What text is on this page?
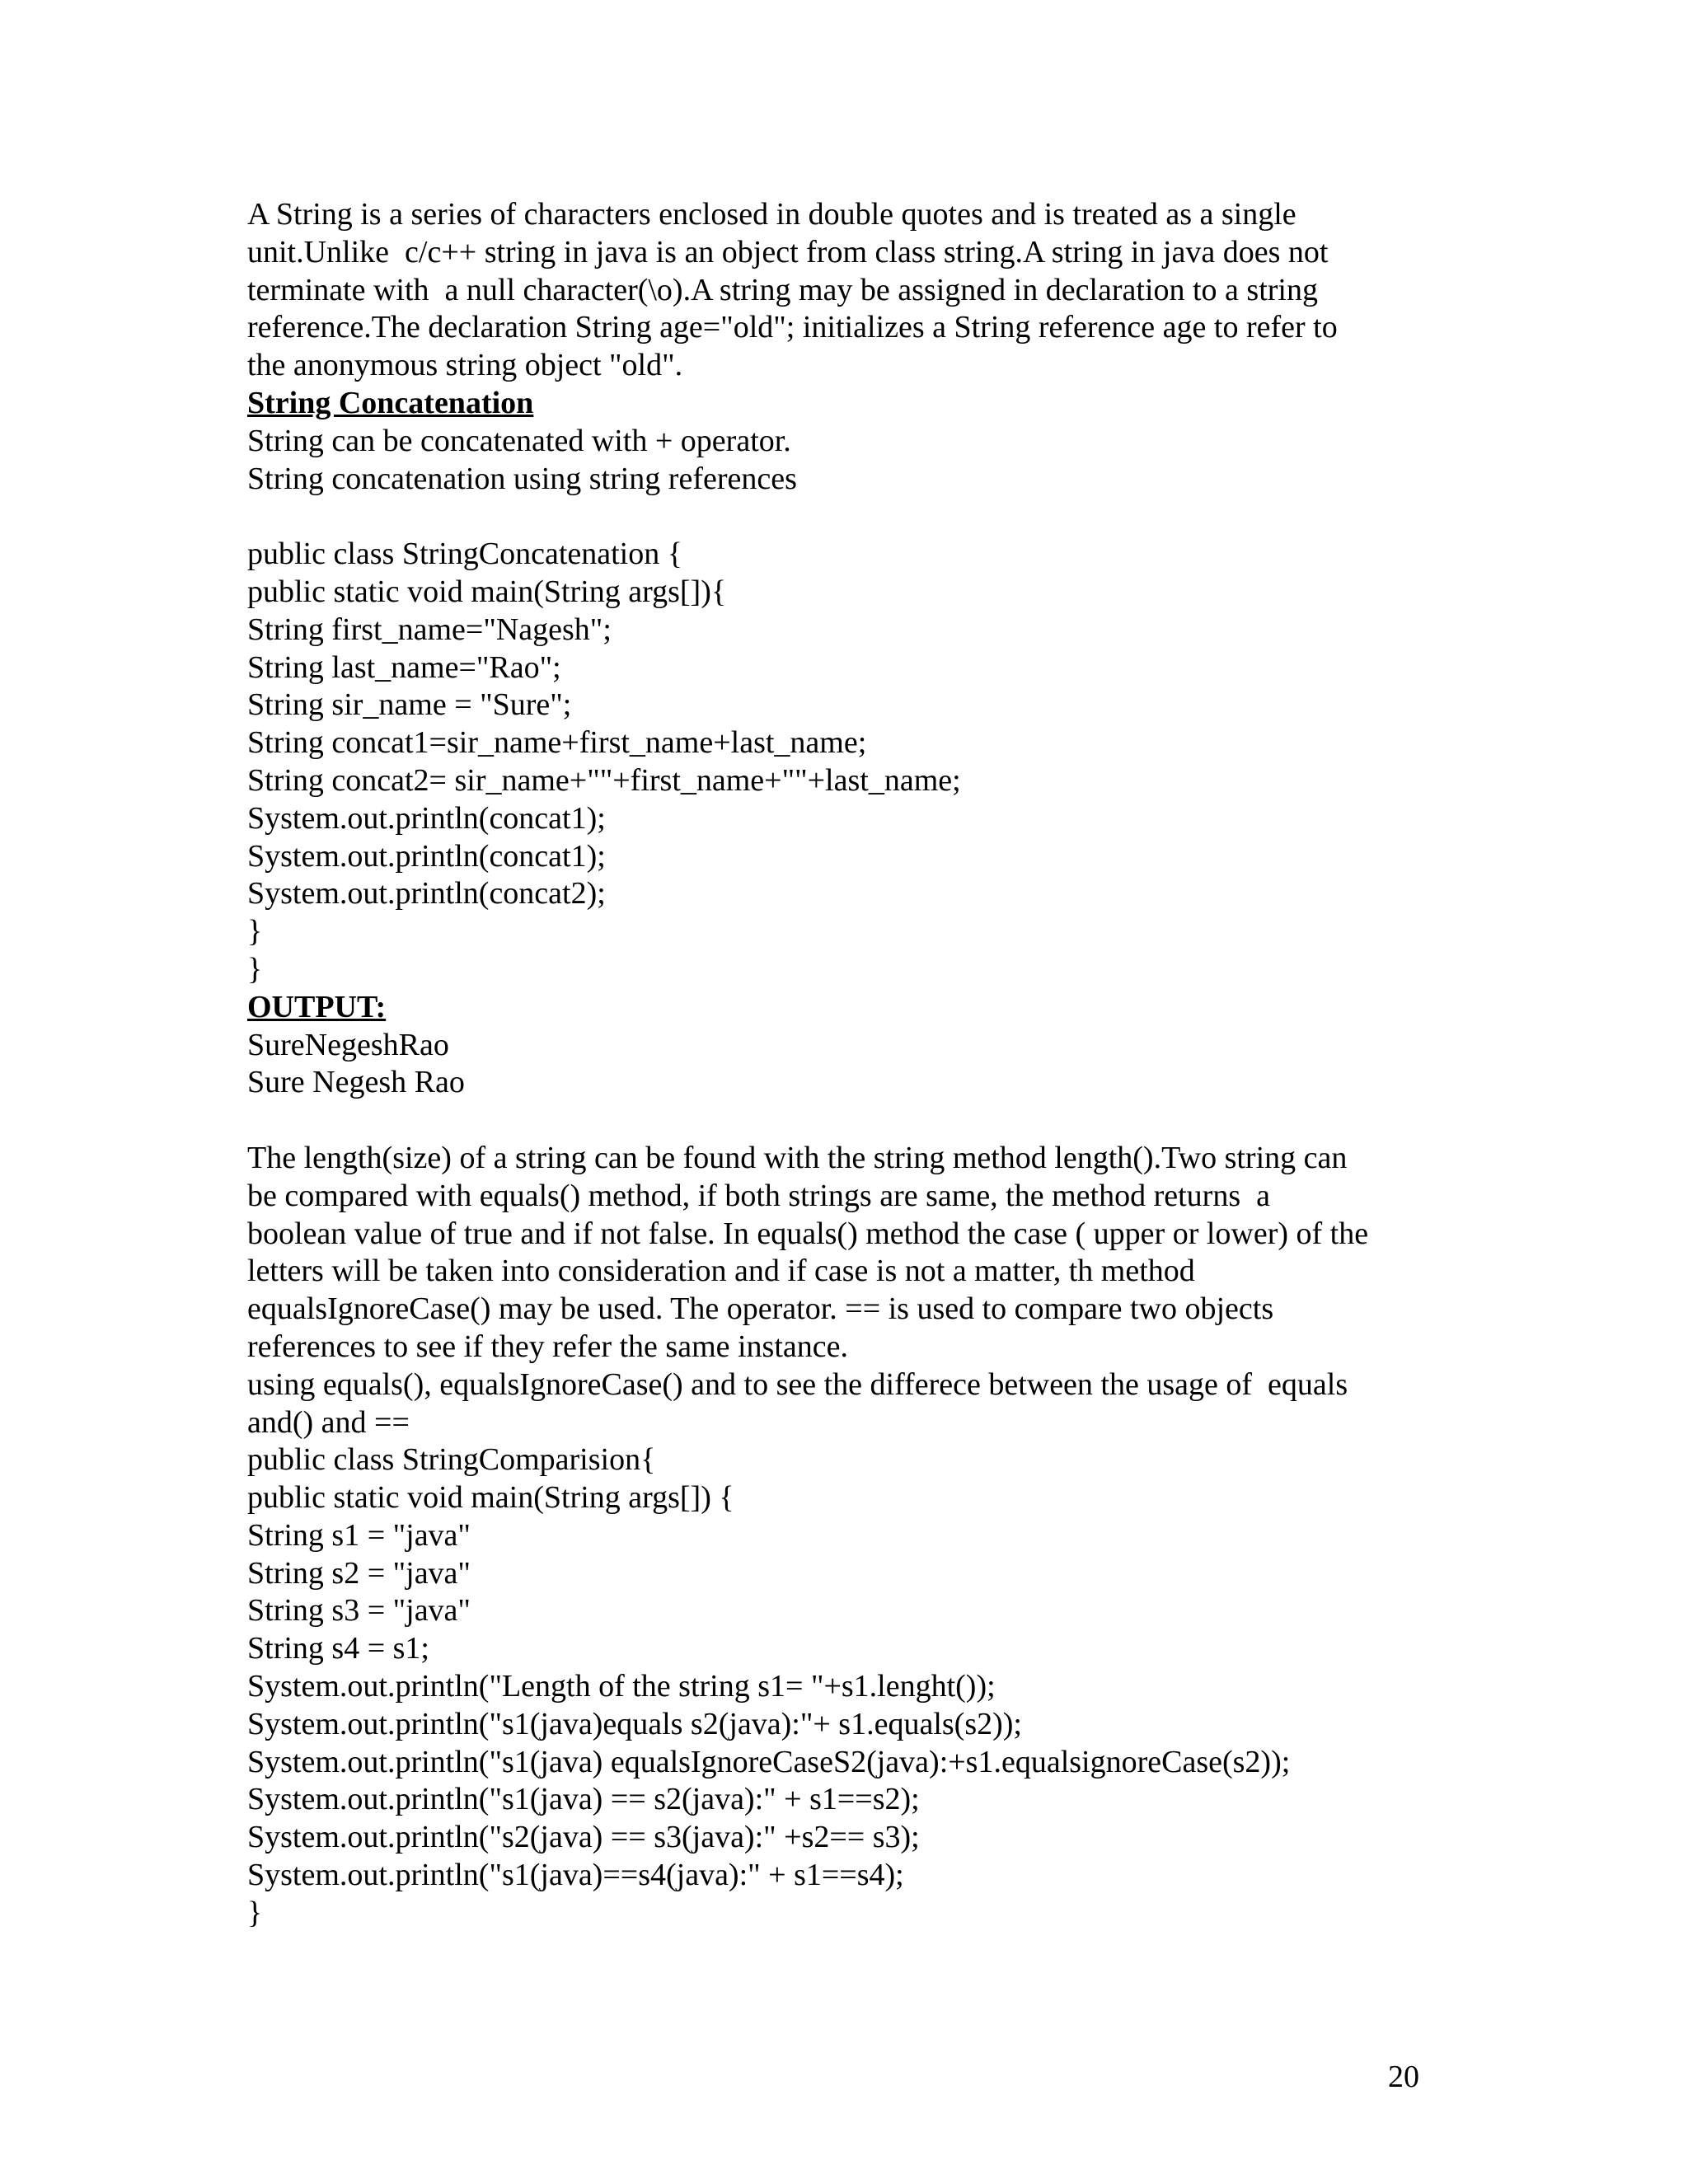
A String is a series of characters enclosed in double quotes and is treated as a single
unit.Unlike  c/c++ string in java is an object from class string.A string in java does not
terminate with  a null character(\o).A string may be assigned in declaration to a string
reference.The declaration String age="old"; initializes a String reference age to refer to
the anonymous string object "old".
String Concatenation
String can be concatenated with + operator.
String concatenation using string references
public class StringConcatenation {
public static void main(String args[]){
String first_name="Nagesh";
String last_name="Rao";
String sir_name = "Sure";
String concat1=sir_name+first_name+last_name;
String concat2= sir_name+""+first_name+""+last_name;
System.out.println(concat1);
System.out.println(concat1);
System.out.println(concat2);
}
}
OUTPUT:
SureNegeshRao
Sure Negesh Rao
The length(size) of a string can be found with the string method length().Two string can
be compared with equals() method, if both strings are same, the method returns  a
boolean value of true and if not false. In equals() method the case ( upper or lower) of the
letters will be taken into consideration and if case is not a matter, th method
equalsIgnoreCase() may be used. The operator. == is used to compare two objects
references to see if they refer the same instance.
using equals(), equalsIgnoreCase() and to see the differece between the usage of  equals
and() and ==
public class StringComparision{
public static void main(String args[]) {
String s1 = "java"
String s2 = "java"
String s3 = "java"
String s4 = s1;
System.out.println("Length of the string s1= "+s1.lenght());
System.out.println("s1(java)equals s2(java):"+ s1.equals(s2));
System.out.println("s1(java) equalsIgnoreCaseS2(java):+s1.equalsignoreCase(s2));
System.out.println("s1(java) == s2(java):" + s1==s2);
System.out.println("s2(java) == s3(java):" +s2== s3);
System.out.println("s1(java)==s4(java):" + s1==s4);
}
20
